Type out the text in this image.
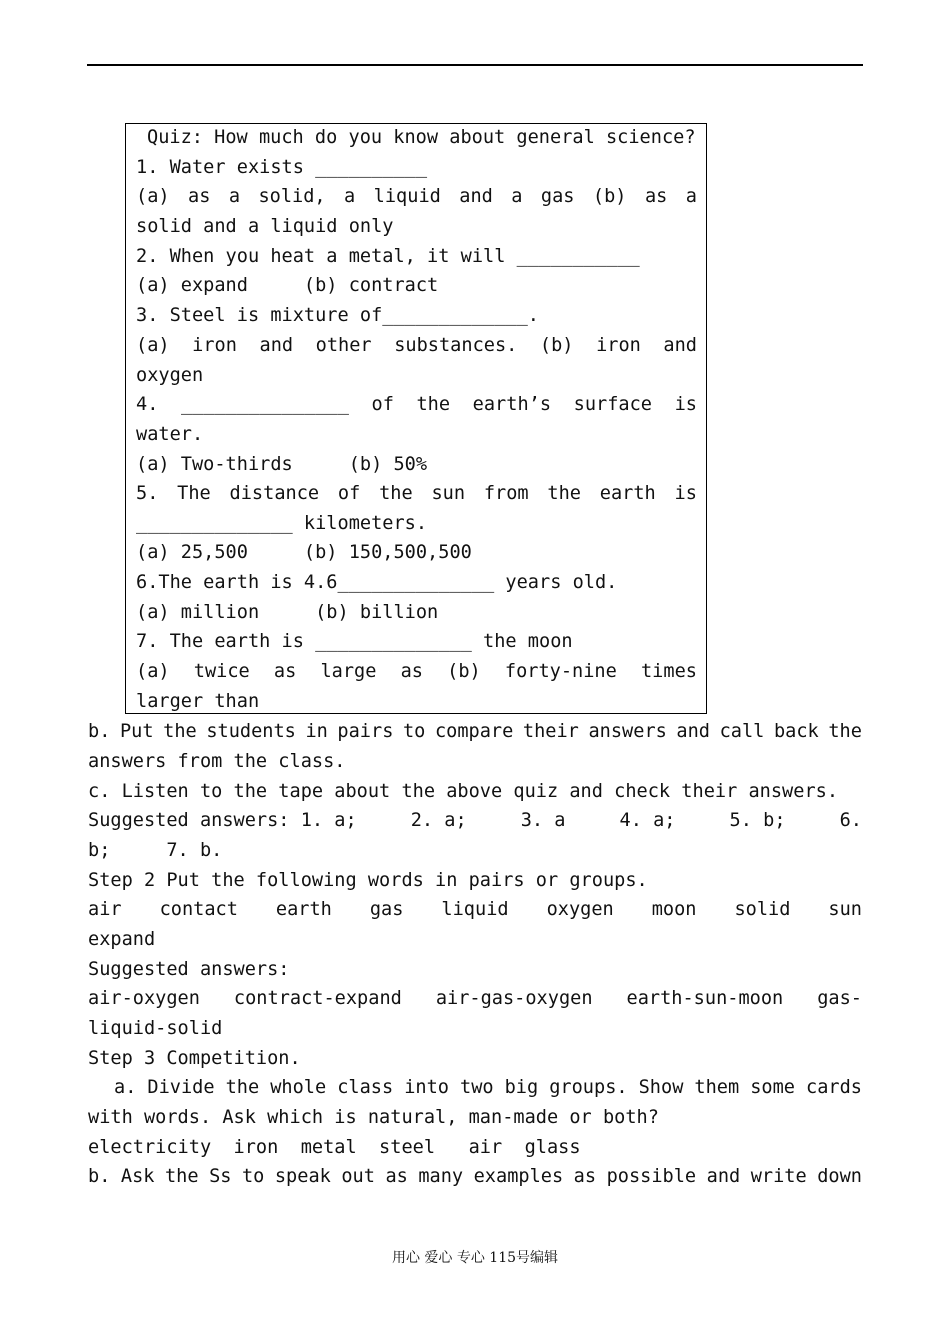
Quiz: How much do you know about general science?
1. Water exists __________
(a) as a solid, a liquid and a gas (b) as a
solid and a liquid only
2. When you heat a metal, it will ___________
(a) expand     (b) contract
3. Steel is mixture of_____________.
(a) iron and other substances. (b) iron and
oxygen
4. _______________ of the earth’s surface is
water.
(a) Two-thirds     (b) 50%
5. The distance of the sun from the earth is
______________ kilometers.
(a) 25,500     (b) 150,500,500
6.The earth is 4.6______________ years old.
(a) million     (b) billion
7. The earth is ______________ the moon
(a) twice as large as (b) forty-nine times
larger than
b. Put the students in pairs to compare their answers and call back the
answers from the class.
c. Listen to the tape about the above quiz and check their answers.
Suggested answers: 1. a;	2. a;	3. a	4. a;	5. b;	6.
b;     7. b.
Step 2 Put the following words in pairs or groups.
air contact earth gas liquid oxygen moon solid sun
expand
Suggested answers:
air-oxygen contract-expand air-gas-oxygen earth-sun-moon gas-
liquid-solid
Step 3 Competition.
a. Divide the whole class into two big groups. Show them some cards
with words. Ask which is natural, man-made or both?
electricity  iron  metal  steel   air  glass
b. Ask the Ss to speak out as many examples as possible and write down
用心 爱心 专心 115号编辑
